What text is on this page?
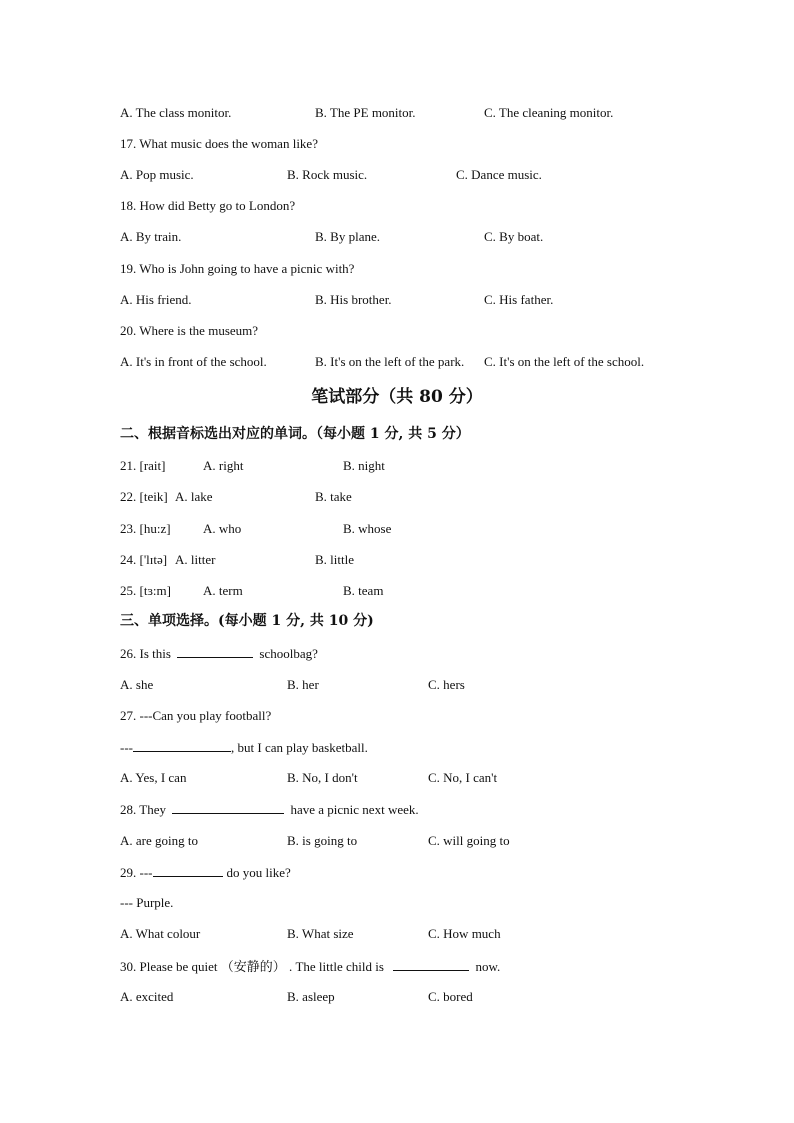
A. The class monitor.	B. The PE monitor.	C. The cleaning monitor.
17. What music does the woman like?
A. Pop music.	B. Rock music.	C. Dance music.
18. How did Betty go to London?
A. By train.	B. By plane.	C. By boat.
19. Who is John going to have a picnic with?
A. His friend.	B. His brother.	C. His father.
20. Where is the museum?
A. It's in front of the school.	B. It's on the left of the park. C. It's on the left of the school.
笔试部分（共 80 分）
二、根据音标选出对应的单词。（每小题 1 分, 共 5 分）
21. [rait]	A. right	B. night
22. [teik] A. lake	B. take
23. [hu:z] A. who	B. whose
24. ['lɪtə] A. litter	B. little
25. [tɜ:m] A. term	B. team
三、单项选择。(每小题 1 分, 共 10 分)
26. Is this	schoolbag?
A. she	B. her	C. hers
27. ---Can you play football?
---	, but I can play basketball.
A. Yes, I can	B. No, I don't	C. No, I can't
28. They	have a picnic next week.
A. are going to	B. is going to	C. will going to
29. ---	do you like?
--- Purple.
A. What colour	B. What size	C. How much
30. Please be quiet （安静的） . The little child is	now.
A. excited	B. asleep	C. bored
